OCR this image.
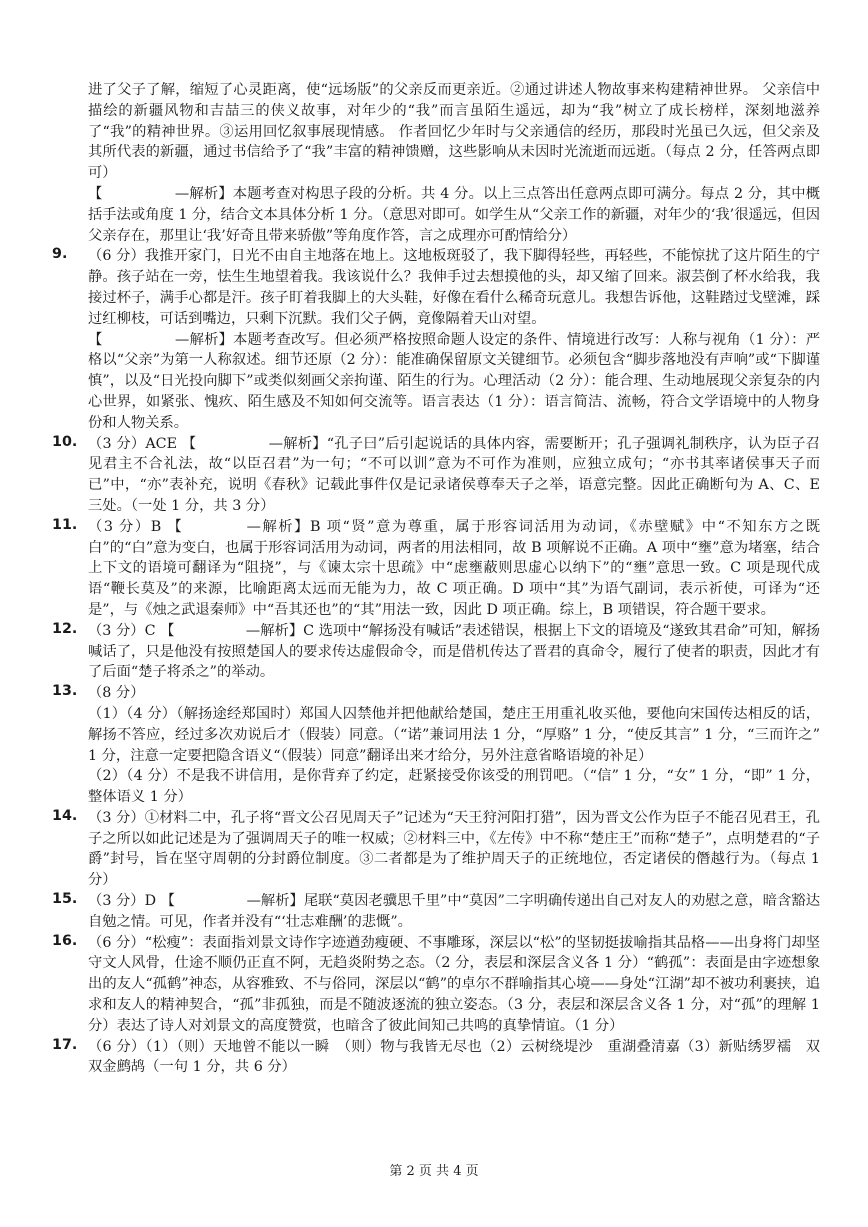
进了父子了解，缩短了心灵距离，使“远场版”的父亲反而更亲近。②通过讲述人物故事来构建精神世界。 父亲信中描绘的新疆风物和吉喆三的侠义故事，对年少的“我”而言虽陌生遥远，却为“我”树立了成长榜样，深刻地滋养了“我”的精神世界。③运用回忆叙事展现情感。 作者回忆少年时与父亲通信的经历，那段时光虽已久远，但父亲及其所代表的新疆，通过书信给予了“我”丰富的精神馈赠，这些影响从未因时光流逝而远逝。（每点 2 分，任答两点即可）

【　　　　　—解析】本题考查对构思子段的分析。共 4 分。以上三点答出任意两点即可满分。每点 2 分，其中概括手法或角度 1 分，结合文本具体分析 1 分。（意思对即可。如学生从“父亲工作的新疆，对年少的‘我’很遥远，但因父亲存在，那里让‘我’好奇且带来骄傲”等角度作答，言之成理亦可酌情给分）

9. （6 分）我推开家门，日光不由自主地落在地上。这地板斑驳了，我下脚得轻些，再轻些，不能惊扰了这片陌生的宁静。孩子站在一旁，怯生生地望着我。我该说什么？我伸手过去想摸他的头，却又缩了回来。淑芸倒了杯水给我，我接过杯子，满手心都是汗。孩子盯着我脚上的大头鞋，好像在看什么稀奇玩意儿。我想告诉他，这鞋踏过戈壁滩，踩过红柳枝，可话到嘴边，只剩下沉默。我们父子俩，竟像隔着天山对望。

【　　　　　—解析】本题考查改写。但必须严格按照命题人设定的条件、情境进行改写：人称与视角（1 分）：严格以“父亲”为第一人称叙述。细节还原（2 分）：能准确保留原文关键细节。必须包含“脚步落地没有声响”或“下脚谨慎”，以及“日光投向脚下”或类似刻画父亲拘谨、陌生的行为。心理活动（2 分）：能合理、生动地展现父亲复杂的内心世界，如紧张、愧疚、陌生感及不知如何交流等。语言表达（1 分）：语言简洁、流畅，符合文学语境中的人物身份和人物关系。

10. （3 分）ACE 【　　　　　—解析】“孔子曰”后引起说话的具体内容，需要断开；孔子强调礼制秩序，认为臣子召见君主不合礼法，故“以臣召君”为一句；“不可以训”意为不可作为准则，应独立成句；“亦书其率诸侯事天子而已”中，“亦”表补充，说明《春秋》记载此事件仅是记录诸侯尊奉天子之举，语意完整。因此正确断句为 A、C、E 三处。（一处 1 分，共 3 分）

11. （3 分）B 【　　　　—解析】B 项“贤”意为尊重，属于形容词活用为动词，《赤壁赋》中“不知东方之既白”的“白”意为变白，也属于形容词活用为动词，两者的用法相同，故 B 项解说不正确。A 项中“壅”意为堵塞，结合上下文的语境可翻译为“阻挠”，与《谏太宗十思疏》中“虑壅蔽则思虚心以纳下”的“壅”意思一致。C 项是现代成语“鞭长莫及”的来源，比喻距离太远而无能为力，故 C 项正确。D 项中“其”为语气副词，表示祈使，可译为“还是”，与《烛之武退秦师》中“吾其还也”的“其”用法一致，因此 D 项正确。综上，B 项错误，符合题干要求。

12. （3 分）C 【　　　　　—解析】C 选项中“解扬没有喊话”表述错误，根据上下文的语境及“遂致其君命”可知，解扬喊话了，只是他没有按照楚国人的要求传达虚假命令，而是借机传达了晋君的真命令，履行了使者的职责，因此才有了后面“楚子将杀之”的举动。

13. （8 分）

（1）（4 分）（解扬途经郑国时）郑国人囚禁他并把他献给楚国，楚庄王用重礼收买他，要他向宋国传达相反的话，解扬不答应，经过多次劝说后才（假装）同意。（“诺”兼词用法 1 分，“厚赂” 1 分，“使反其言” 1 分，“三而许之” 1 分，注意一定要把隐含语义“（假装）同意”翻译出来才给分，另外注意省略语境的补足）

（2）（4 分）不是我不讲信用，是你背弃了约定，赶紧接受你该受的刑罚吧。（“信” 1 分，“女” 1 分，“即” 1 分，整体语义 1 分）

14. （3 分）①材料二中，孔子将“晋文公召见周天子”记述为“天王狩河阳打猎”，因为晋文公作为臣子不能召见君王，孔子之所以如此记述是为了强调周天子的唯一权威；②材料三中，《左传》中不称“楚庄王”而称“楚子”，点明楚君的“子爵”封号，旨在坚守周朝的分封爵位制度。③二者都是为了维护周天子的正统地位，否定诸侯的僭越行为。（每点 1 分）

15. （3 分）D 【　　　　　—解析】尾联“莫因老骥思千里”中“莫因”二字明确传递出自己对友人的劝慰之意，暗含豁达自勉之情。可见，作者并没有“‘壮志难酬’的悲慨”。

16. （6 分）“松瘦”：表面指刘景文诗作字迹遒劲瘦硬、不事雕琢，深层以“松”的坚韧挺拔喻指其品格——出身将门却坚守文人风骨，仕途不顺仍正直不阿，无趋炎附势之态。（2 分，表层和深层含义各 1 分）“鹤孤”：表面是由字迹想象出的友人“孤鹤”神态，从容雅致、不与俗同，深层以“鹤”的卓尔不群喻指其心境——身处“江湖”却不被功利裹挟，追求和友人的精神契合，“孤”非孤独，而是不随波逐流的独立姿态。（3 分，表层和深层含义各 1 分，对“孤”的理解 1 分）表达了诗人对刘景文的高度赞赏，也暗含了彼此间知己共鸣的真挚情谊。（1 分）

17. （6 分）（1）（则）天地曾不能以一瞬　（则）物与我皆无尽也（2）云树绕堤沙　重湖叠清嘉（3）新贴绣罗襦　双双金鹧鸪（一句 1 分，共 6 分）

第 2 页 共 4 页
